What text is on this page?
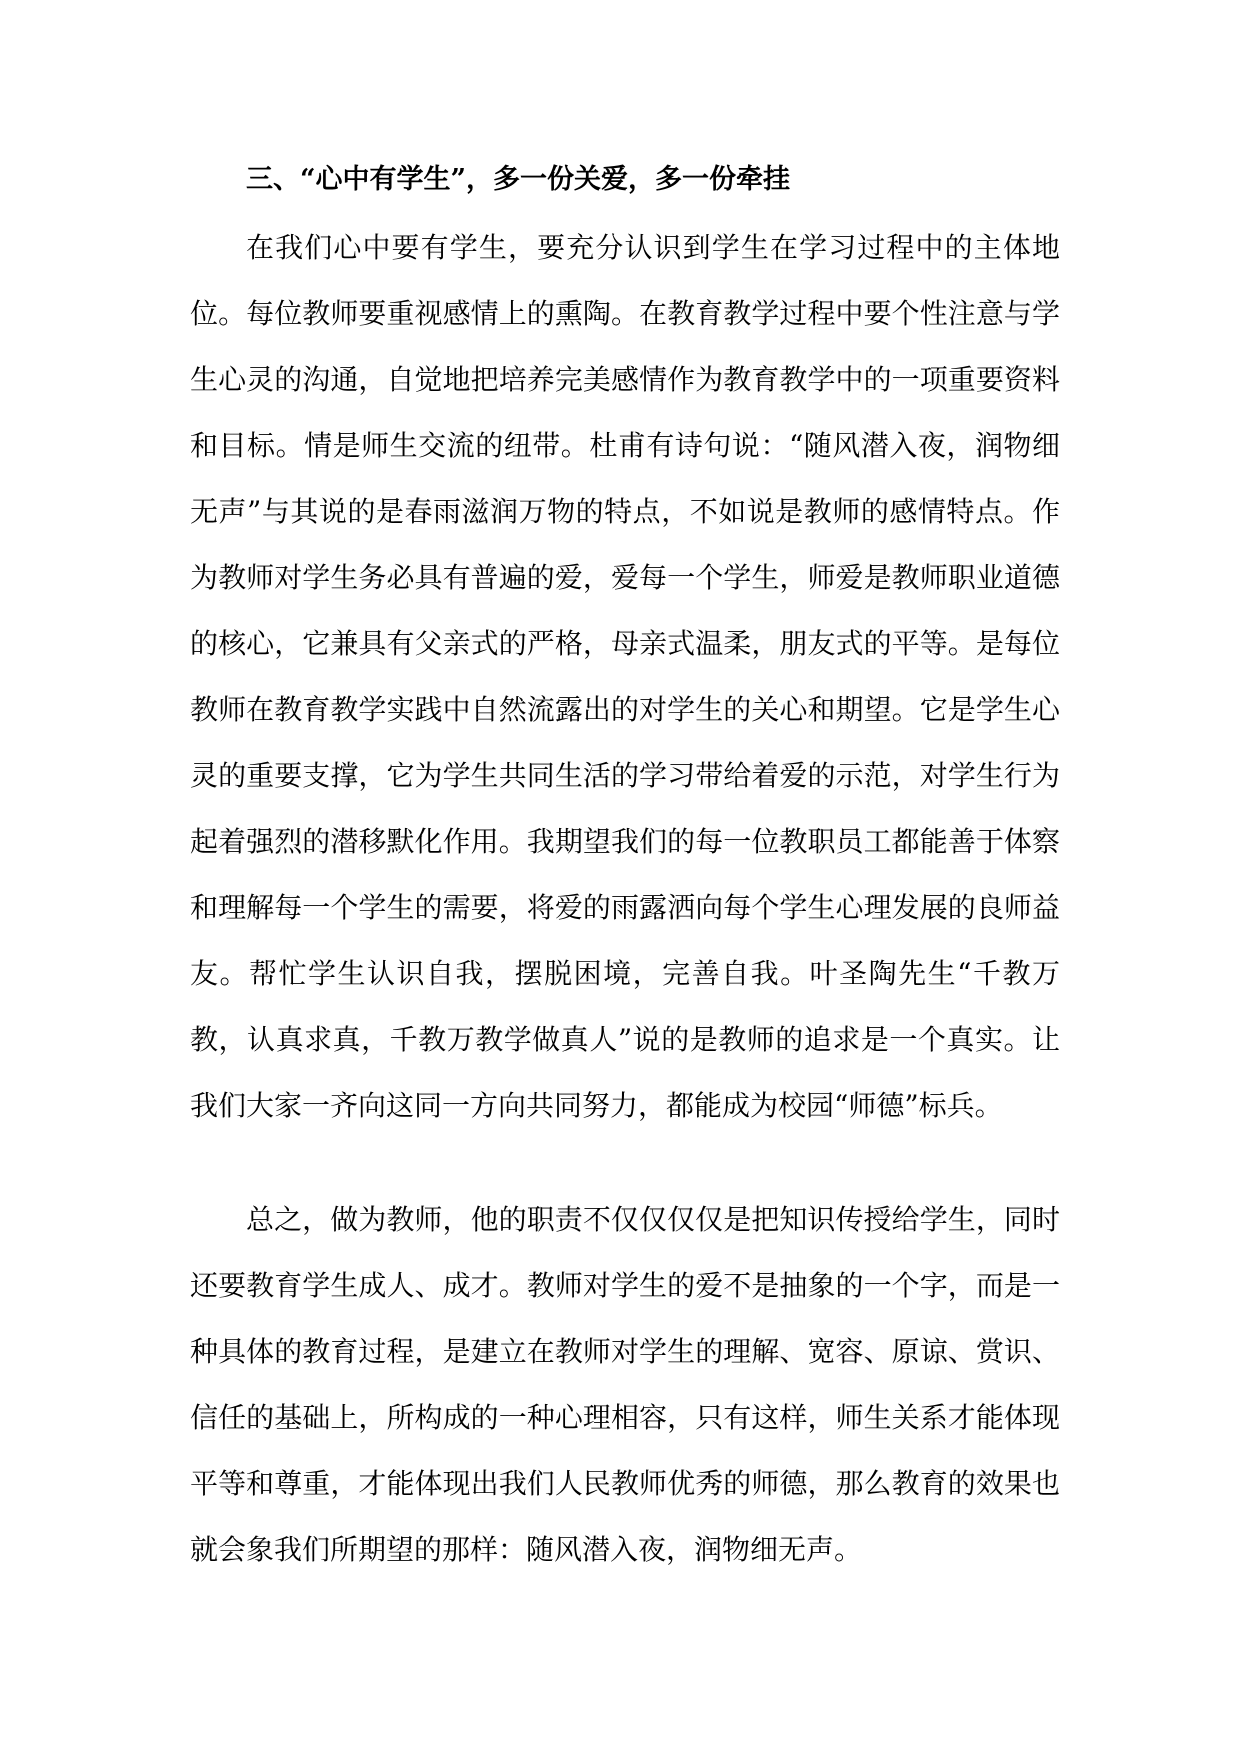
三、“心中有学生”，多一份关爱，多一份牵挂

在我们心中要有学生，要充分认识到学生在学习过程中的主体地位。每位教师要重视感情上的熏陶。在教育教学过程中要个性注意与学生心灵的沟通，自觉地把培养完美感情作为教育教学中的一项重要资料和目标。情是师生交流的纽带。杜甫有诗句说：“随风潜入夜，润物细无声”与其说的是春雨滋润万物的特点，不如说是教师的感情特点。作为教师对学生务必具有普遍的爱，爱每一个学生，师爱是教师职业道德的核心，它兼具有父亲式的严格，母亲式温柔，朋友式的平等。是每位教师在教育教学实践中自然流露出的对学生的关心和期望。它是学生心灵的重要支撑，它为学生共同生活的学习带给着爱的示范，对学生行为起着强烈的潜移默化作用。我期望我们的每一位教职员工都能善于体察和理解每一个学生的需要，将爱的雨露洒向每个学生心理发展的良师益友。帮忙学生认识自我，摆脱困境，完善自我。叶圣陶先生“千教万教，认真求真，千教万教学做真人”说的是教师的追求是一个真实。让我们大家一齐向这同一方向共同努力，都能成为校园“师德”标兵。

总之，做为教师，他的职责不仅仅仅仅是把知识传授给学生，同时还要教育学生成人、成才。教师对学生的爱不是抽象的一个字，而是一种具体的教育过程，是建立在教师对学生的理解、宽容、原谅、赏识、信任的基础上，所构成的一种心理相容，只有这样，师生关系才能体现平等和尊重，才能体现出我们人民教师优秀的师德，那么教育的效果也就会象我们所期望的那样：随风潜入夜，润物细无声。
